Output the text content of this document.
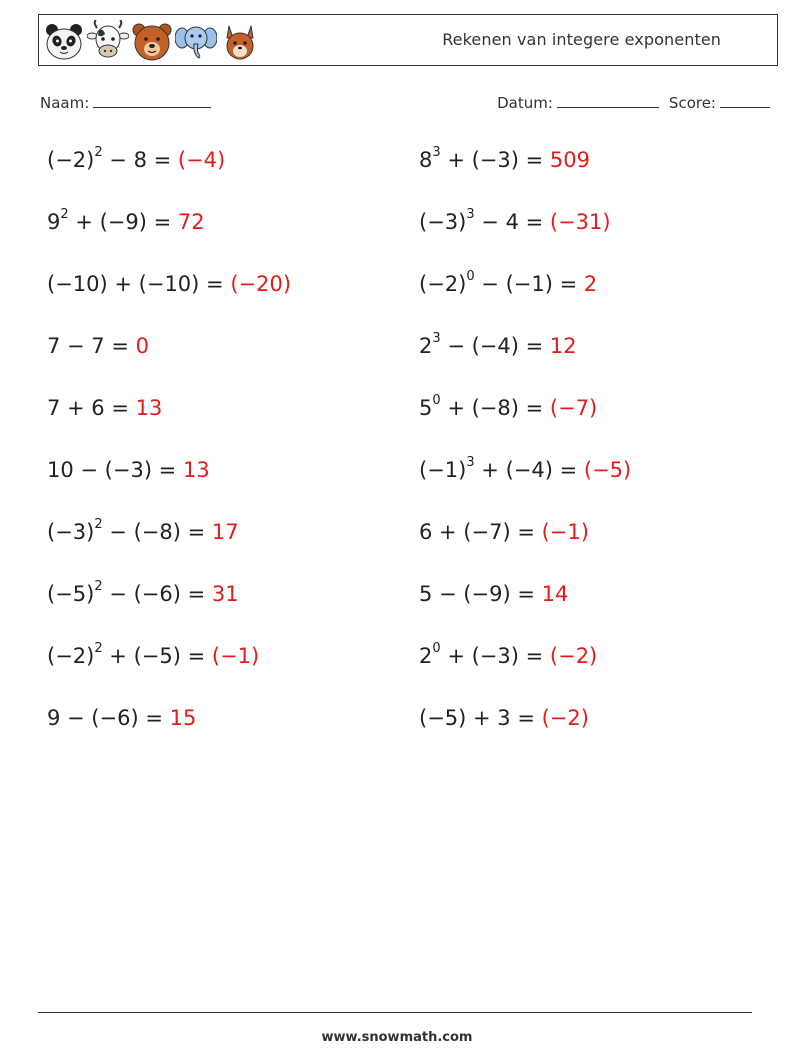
Rekenen van integere exponenten
Naam:	Datum:	Score:
$(-2)^2 - 8 = (-4)$	$8^3 + (-3) = 509$
$9^2 + (-9) = 72$	$(-3)^3 - 4 = (-31)$
(−10) + (−10) = (−20)	$(-2)^0 - (-1) = 2$
7 − 7 = 0	$2^3 - (-4) = 12$
7 + 6 = 13	$5^0 + (-8) = (-7)$
10 − (−3) = 13	$(-1)^3 + (-4) = (-5)$
$(-3)^2 - (-8) = 17$	6 + (−7) = (−1)
$(-5)^2 - (-6) = 31$	5 − (−9) = 14
$(-2)^2 + (-5) = (-1)$	$2^0 + (-3) = (-2)$
9 − (−6) = 15	(−5) + 3 = (−2)
www.snowmath.com
